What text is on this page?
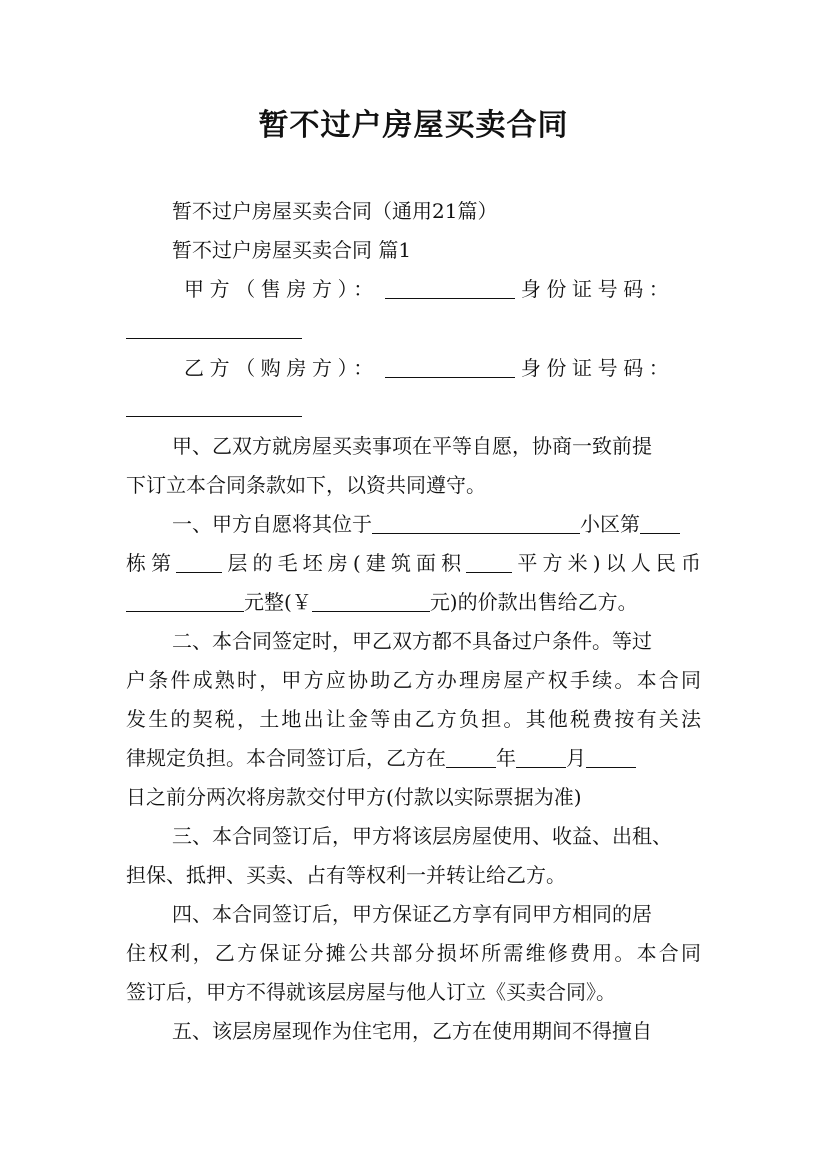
暂不过户房屋买卖合同
暂不过户房屋买卖合同（通用21篇）
暂不过户房屋买卖合同 篇1
甲方（售房方）：	身份证号码：
乙方（购房方）：	身份证号码：
甲、乙双方就房屋买卖事项在平等自愿，协商一致前提
下订立本合同条款如下，以资共同遵守。
一、甲方自愿将其位于	小区第
栋第 层的毛坯房(建筑面积 平方米)以人民币
元整(￥	元)的价款出售给乙方。
二、本合同签定时，甲乙双方都不具备过户条件。等过
户条件成熟时，甲方应协助乙方办理房屋产权手续。本合同
发生的契税，土地出让金等由乙方负担。其他税费按有关法
律规定负担。本合同签订后，乙方在	年	月
日之前分两次将房款交付甲方(付款以实际票据为准)
三、本合同签订后，甲方将该层房屋使用、收益、出租、
担保、抵押、买卖、占有等权利一并转让给乙方。
四、本合同签订后，甲方保证乙方享有同甲方相同的居
住权利，乙方保证分摊公共部分损坏所需维修费用。本合同
签订后，甲方不得就该层房屋与他人订立《买卖合同》。
五、该层房屋现作为住宅用，乙方在使用期间不得擅自
